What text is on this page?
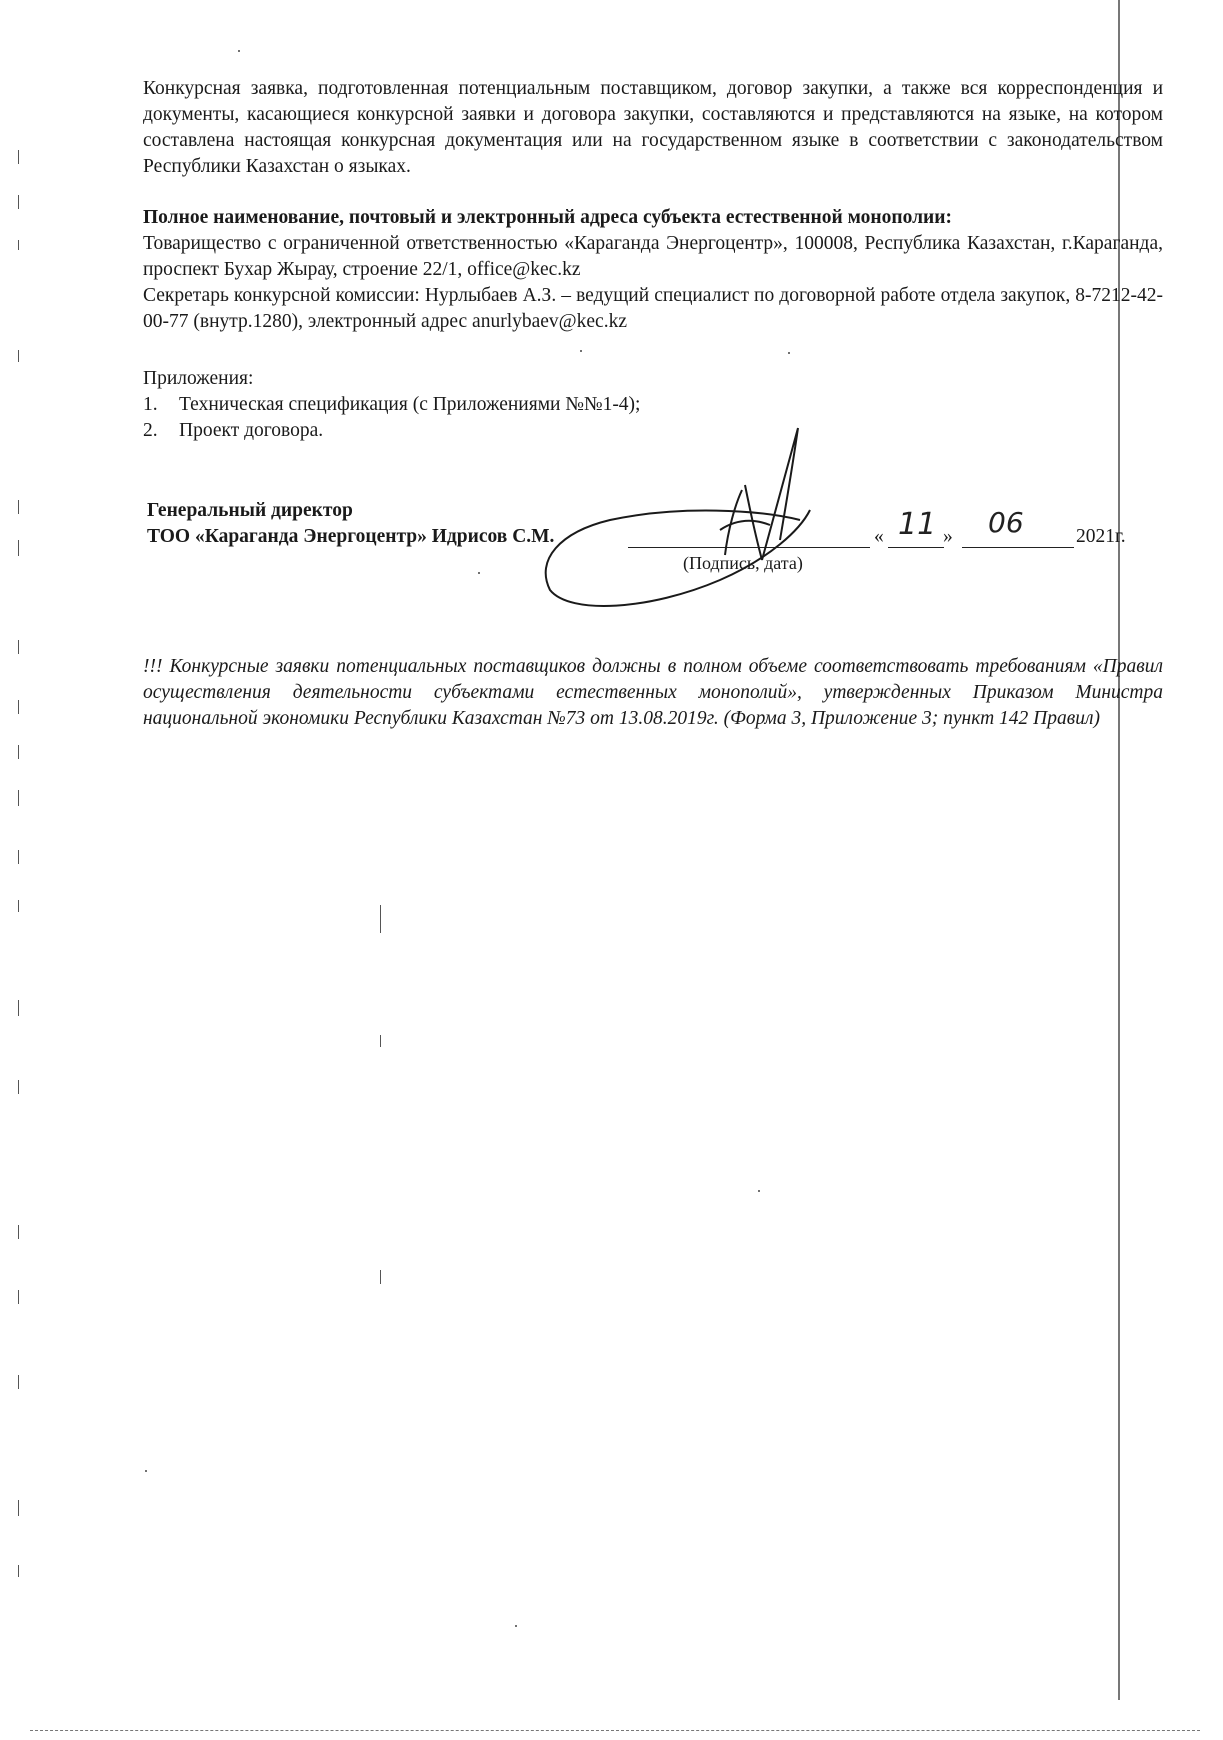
Конкурсная заявка, подготовленная потенциальным поставщиком, договор закупки, а также вся корреспонденция и документы, касающиеся конкурсной заявки и договора закупки, составляются и представляются на языке, на котором составлена настоящая конкурсная документация или на государственном языке в соответствии с законодательством Республики Казахстан о языках.

Полное наименование, почтовый и электронный адреса субъекта естественной монополии:

Товарищество с ограниченной ответственностью «Караганда Энергоцентр», 100008, Республика Казахстан, г.Караганда, проспект Бухар Жырау, строение 22/1, office@kec.kz

Секретарь конкурсной комиссии: Нурлыбаев А.З. – ведущий специалист по договорной работе отдела закупок, 8-7212-42-00-77 (внутр.1280), электронный адрес anurlybaev@kec.kz

Приложения:

1. Техническая спецификация (с Приложениями №№1-4);
2. Проект договора.
Генеральный директор
ТОО «Караганда Энергоцентр» Идрисов С.М.
(Подпись, дата)
«	»	2021г.
11 06

!!! Конкурсные заявки потенциальных поставщиков должны в полном объеме соответствовать требованиям «Правил осуществления деятельности субъектами естественных монополий», утвержденных Приказом Министра национальной экономики Республики Казахстан №73 от 13.08.2019г. (Форма 3, Приложение 3; пункт 142 Правил)
